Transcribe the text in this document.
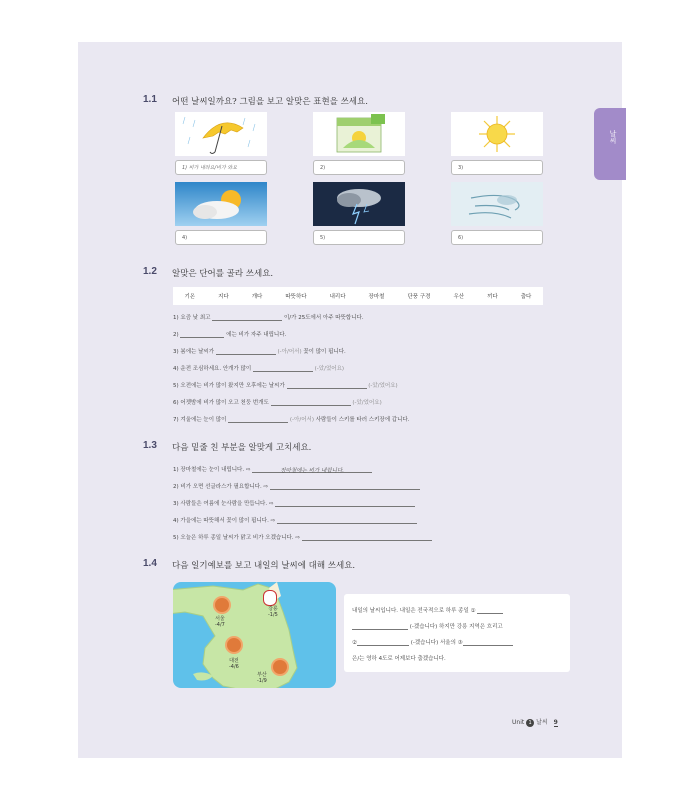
날씨
1.1 어떤 날씨일까요? 그림을 보고 알맞은 표현을 쓰세요.
1) 비가 내려요/비가 와요	2)	3)
4)	5)	6)
1.2 알맞은 단어를 골라 쓰세요.
기온	지다	개다	따뜻하다	내리다	장마철	단풍 구경	우산	끼다	춥다
1) 요즘 낮 최고	이/가 25도에서 아주 따뜻합니다.
2)	에는 비가 자주 내립니다.
3) 봄에는 날씨가	(-아/어서) 꽃이 많이 핍니다.
4) 운전 조심하세요. 안개가 많이	(-았/었어요)
5) 오전에는 비가 많이 왔지만 오후에는 날씨가	(-았/었어요)
6) 어젯밤에 비가 많이 오고 천둥 번개도	(-았/었어요)
7) 겨울에는 눈이 많이	(-아/어서) 사람들이 스키를 타러 스키장에 갑니다.
1.3 다음 밑줄 친 부분을 알맞게 고치세요.
1) 장마철에는 눈이 내립니다. ⇨	장마철에는 비가 내립니다.
2) 비가 오면 선글라스가 필요합니다. ⇨
3) 사람들은 여름에 눈사람을 만듭니다. ⇨
4) 가을에는 따뜻해서 꽃이 많이 핍니다. ⇨
5) 오늘은 하루 종일 날씨가 맑고 비가 오겠습니다. ⇨
1.4 다음 일기예보를 보고 내일의 날씨에 대해 쓰세요.
서울
-4/7
강릉
-1/5
대전
-4/6
부산
-1/9
내일의 날씨입니다. 내일은 전국적으로 하루 종일 ①
(-겠습니다) 하지만 강릉 지역은 흐리고
②	(-겠습니다) 서울의 ③
은/는 영하 4도로 어제보다 춥겠습니다.
Unit 1 날씨 9
